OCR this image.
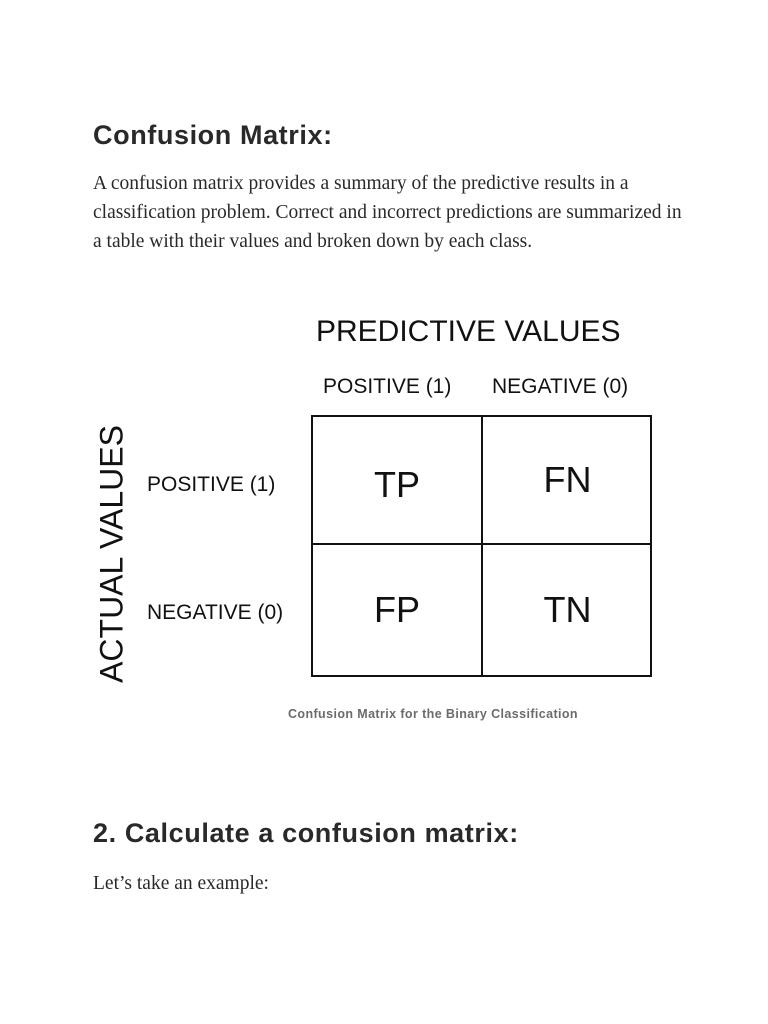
Confusion Matrix:

A confusion matrix provides a summary of the predictive results in a classification problem. Correct and incorrect predictions are summarized in a table with their values and broken down by each class.

PREDICTIVE VALUES
POSITIVE (1) NEGATIVE (0)
ACTUAL VALUES POSITIVE (1)
NEGATIVE (0)
TP	FN
FP	TN
Confusion Matrix for the Binary Classification
2. Calculate a confusion matrix:

Let’s take an example:
